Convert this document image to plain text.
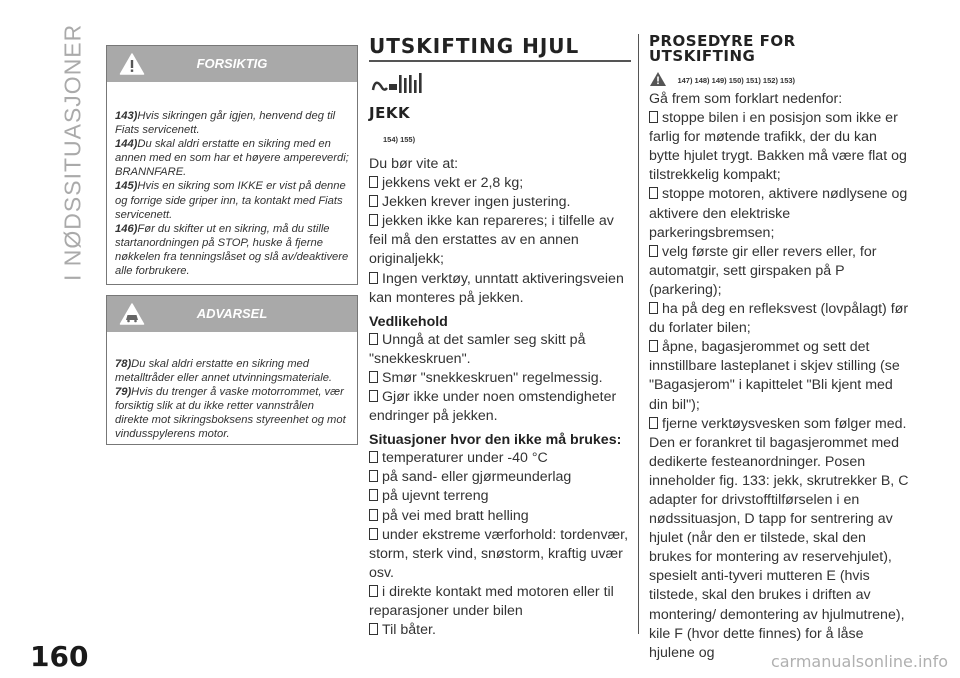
I NØDSSITUASJONER	FORSIKTIG

143)Hvis sikringen går igjen, henvend deg til Fiats servicenett.

144)Du skal aldri erstatte en sikring med en annen med en som har et høyere ampereverdi; BRANNFARE.

145)Hvis en sikring som IKKE er vist på denne og forrige side griper inn, ta kontakt med Fiats servicenett.

146)Før du skifter ut en sikring, må du stille startanordningen på STOP, huske å fjerne nøkkelen fra tenningslåset og slå av/deaktivere alle forbrukere.

ADVARSEL

78)Du skal aldri erstatte en sikring med metalltråder eller annet utvinningsmateriale.

79)Hvis du trenger å vaske motorrommet, vær forsiktig slik at du ikke retter vannstrålen direkte mot sikringsboksens styreenhet og mot vindusspylerens motor.

UTSKIFTING HJUL
JEKK
154) 155)

Du bør vite at:

jekkens vekt er 2,8 kg;

Jekken krever ingen justering.

jekken ikke kan repareres; i tilfelle av feil må den erstattes av en annen originaljekk;

Ingen verktøy, unntatt aktiveringsveien kan monteres på jekken.

Vedlikehold

Unngå at det samler seg skitt på "snekkeskruen".

Smør "snekkeskruen" regelmessig.

Gjør ikke under noen omstendigheter endringer på jekken.

Situasjoner hvor den ikke må brukes:

temperaturer under -40 °C

på sand- eller gjørmeunderlag

på ujevnt terreng

på vei med bratt helling

under ekstreme værforhold: tordenvær, storm, sterk vind, snøstorm, kraftig uvær osv.

i direkte kontakt med motoren eller til reparasjoner under bilen

Til båter.

PROSEDYRE FOR
UTSKIFTING
147) 148) 149) 150) 151) 152) 153)

Gå frem som forklart nedenfor:

stoppe bilen i en posisjon som ikke er farlig for møtende trafikk, der du kan bytte hjulet trygt. Bakken må være flat og tilstrekkelig kompakt;

stoppe motoren, aktivere nødlysene og aktivere den elektriske parkeringsbremsen;

velg første gir eller revers eller, for automatgir, sett girspaken på P (parkering);

ha på deg en refleksvest (lovpålagt) før du forlater bilen;

åpne, bagasjerommet og sett det innstillbare lasteplanet i skjev stilling (se "Bagasjerom" i kapittelet "Bli kjent med din bil");

fjerne verktøysvesken som følger med. Den er forankret til bagasjerommet med dedikerte festeanordninger. Posen inneholder fig. 133: jekk, skrutrekker B, C adapter for drivstofftilførselen i en nødssituasjon, D tapp for sentrering av hjulet (når den er tilstede, skal den brukes for montering av reservehjulet), spesielt anti-tyveri mutteren E (hvis tilstede, skal den brukes i driften av montering/ demontering av hjulmutrene), kile F (hvor dette finnes) for å låse hjulene og

160	carmanualsonline.info
